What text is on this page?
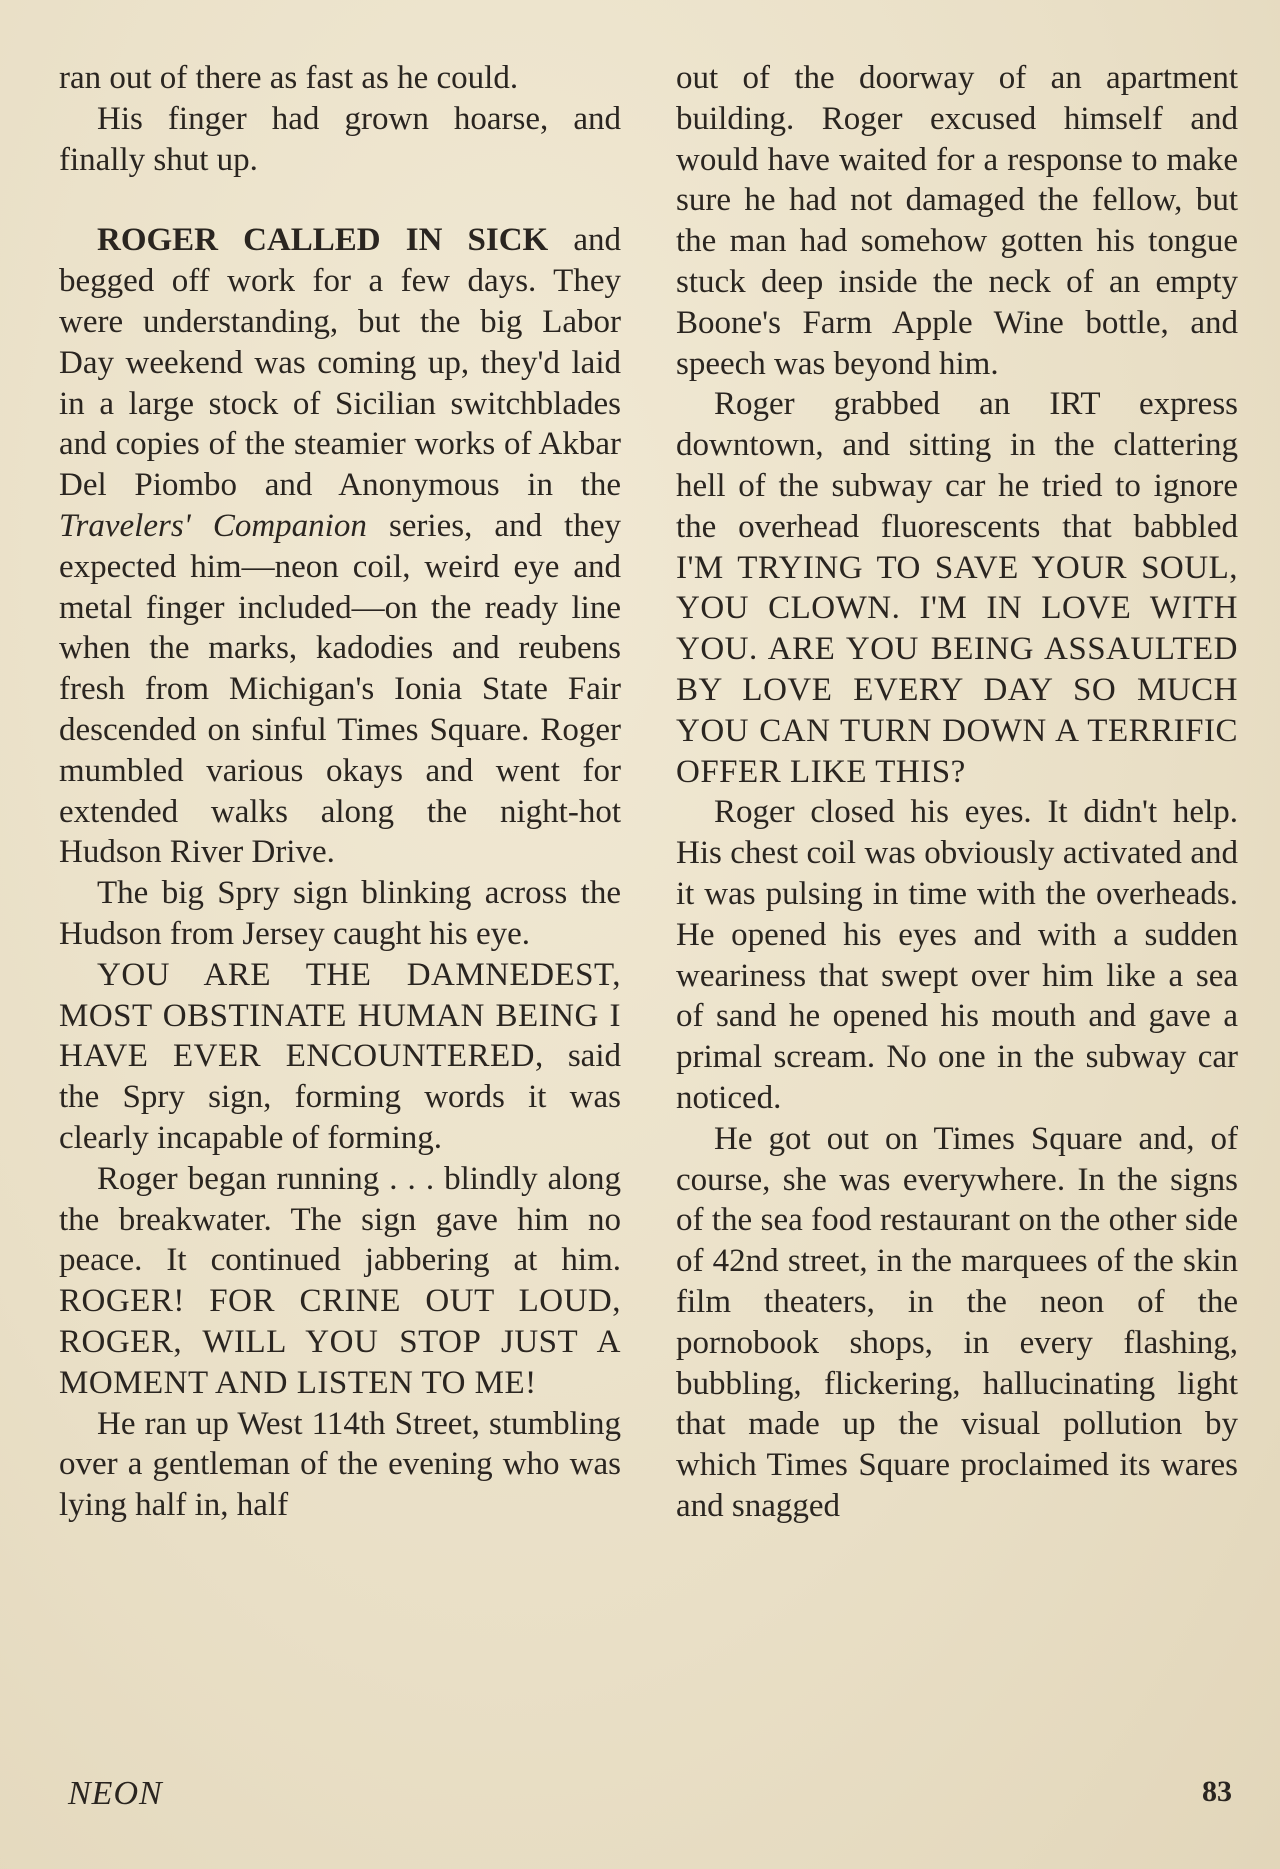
ran out of there as fast as he could.

His finger had grown hoarse, and finally shut up.

ROGER CALLED IN SICK and begged off work for a few days. They were understanding, but the big Labor Day weekend was coming up, they'd laid in a large stock of Sicilian switchblades and copies of the steamier works of Akbar Del Piombo and Anonymous in the Travelers' Companion series, and they expected him—neon coil, weird eye and metal finger included—on the ready line when the marks, kadodies and reubens fresh from Michigan's Ionia State Fair descended on sinful Times Square. Roger mumbled various okays and went for extended walks along the night-hot Hudson River Drive.

The big Spry sign blinking across the Hudson from Jersey caught his eye.

YOU ARE THE DAMNEDEST, MOST OBSTINATE HUMAN BEING I HAVE EVER ENCOUNTERED, said the Spry sign, forming words it was clearly incapable of forming.

Roger began running . . . blindly along the breakwater. The sign gave him no peace. It continued jabbering at him. ROGER! FOR CRINE OUT LOUD, ROGER, WILL YOU STOP JUST A MOMENT AND LISTEN TO ME!

He ran up West 114th Street, stumbling over a gentleman of the evening who was lying half in, half

out of the doorway of an apartment building. Roger excused himself and would have waited for a response to make sure he had not damaged the fellow, but the man had somehow gotten his tongue stuck deep inside the neck of an empty Boone's Farm Apple Wine bottle, and speech was beyond him.

Roger grabbed an IRT express downtown, and sitting in the clattering hell of the subway car he tried to ignore the overhead fluorescents that babbled I'M TRYING TO SAVE YOUR SOUL, YOU CLOWN. I'M IN LOVE WITH YOU. ARE YOU BEING ASSAULTED BY LOVE EVERY DAY SO MUCH YOU CAN TURN DOWN A TERRIFIC OFFER LIKE THIS?

Roger closed his eyes. It didn't help. His chest coil was obviously activated and it was pulsing in time with the overheads. He opened his eyes and with a sudden weariness that swept over him like a sea of sand he opened his mouth and gave a primal scream. No one in the subway car noticed.

He got out on Times Square and, of course, she was everywhere. In the signs of the sea food restaurant on the other side of 42nd street, in the marquees of the skin film theaters, in the neon of the pornobook shops, in every flashing, bubbling, flickering, hallucinating light that made up the visual pollution by which Times Square proclaimed its wares and snagged

NEON	83
